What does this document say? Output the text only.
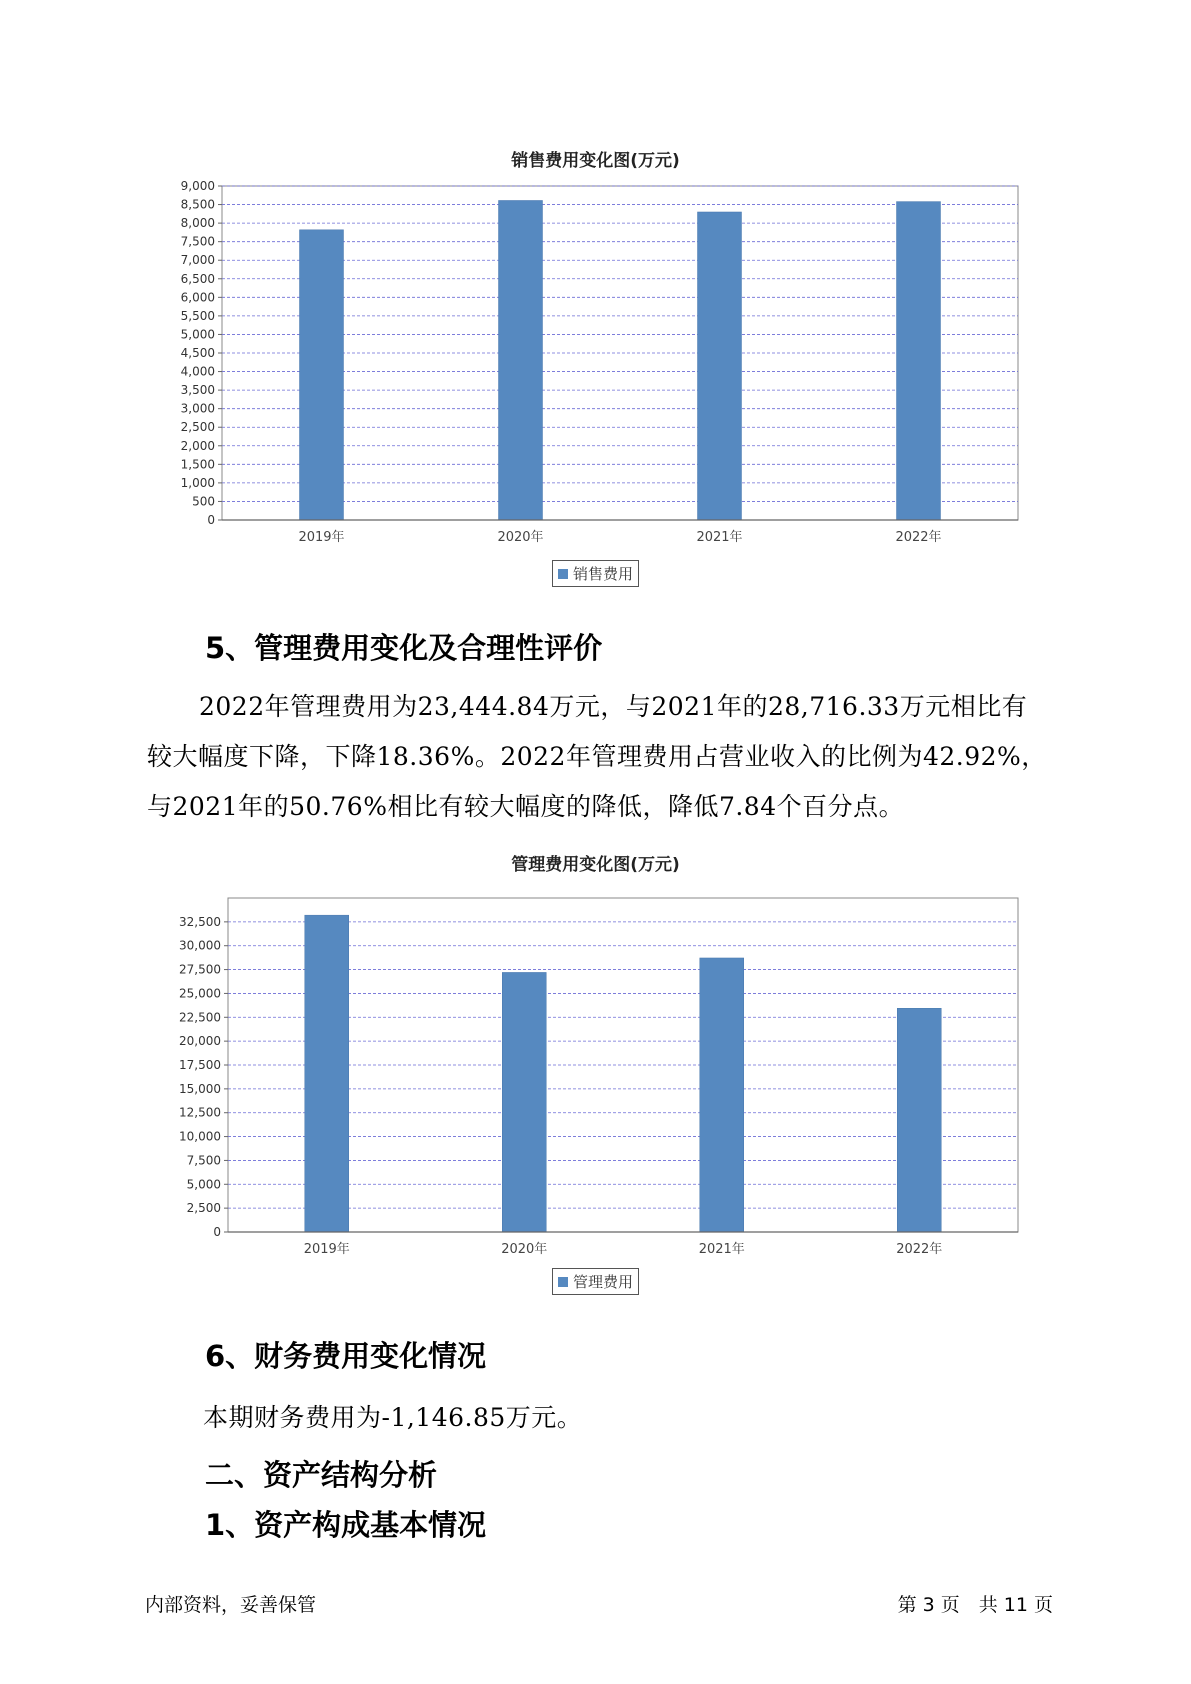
销售费用变化图(万元)
0
500
1,000
1,500
2,000
2,500
3,000
3,500
4,000
4,500
5,000
5,500
6,000
6,500
7,000
7,500
8,000
8,500
9,000
2019年	2020年	2021年	2022年
销售费用
5、管理费用变化及合理性评价
2022年管理费用为23,444.84万元，与2021年的28,716.33万元相比有
较大幅度下降，下降18.36%。2022年管理费用占营业收入的比例为42.92%，
与2021年的50.76%相比有较大幅度的降低，降低7.84个百分点。
管理费用变化图(万元)
0
2,500
5,000
7,500
10,000
12,500
15,000
17,500
20,000
22,500
25,000
27,500
30,000
32,500
2019年	2020年	2021年	2022年
管理费用
6、财务费用变化情况
本期财务费用为-1,146.85万元。
二、资产结构分析
1、资产构成基本情况
内部资料，妥善保管	第 3 页　共 11 页
